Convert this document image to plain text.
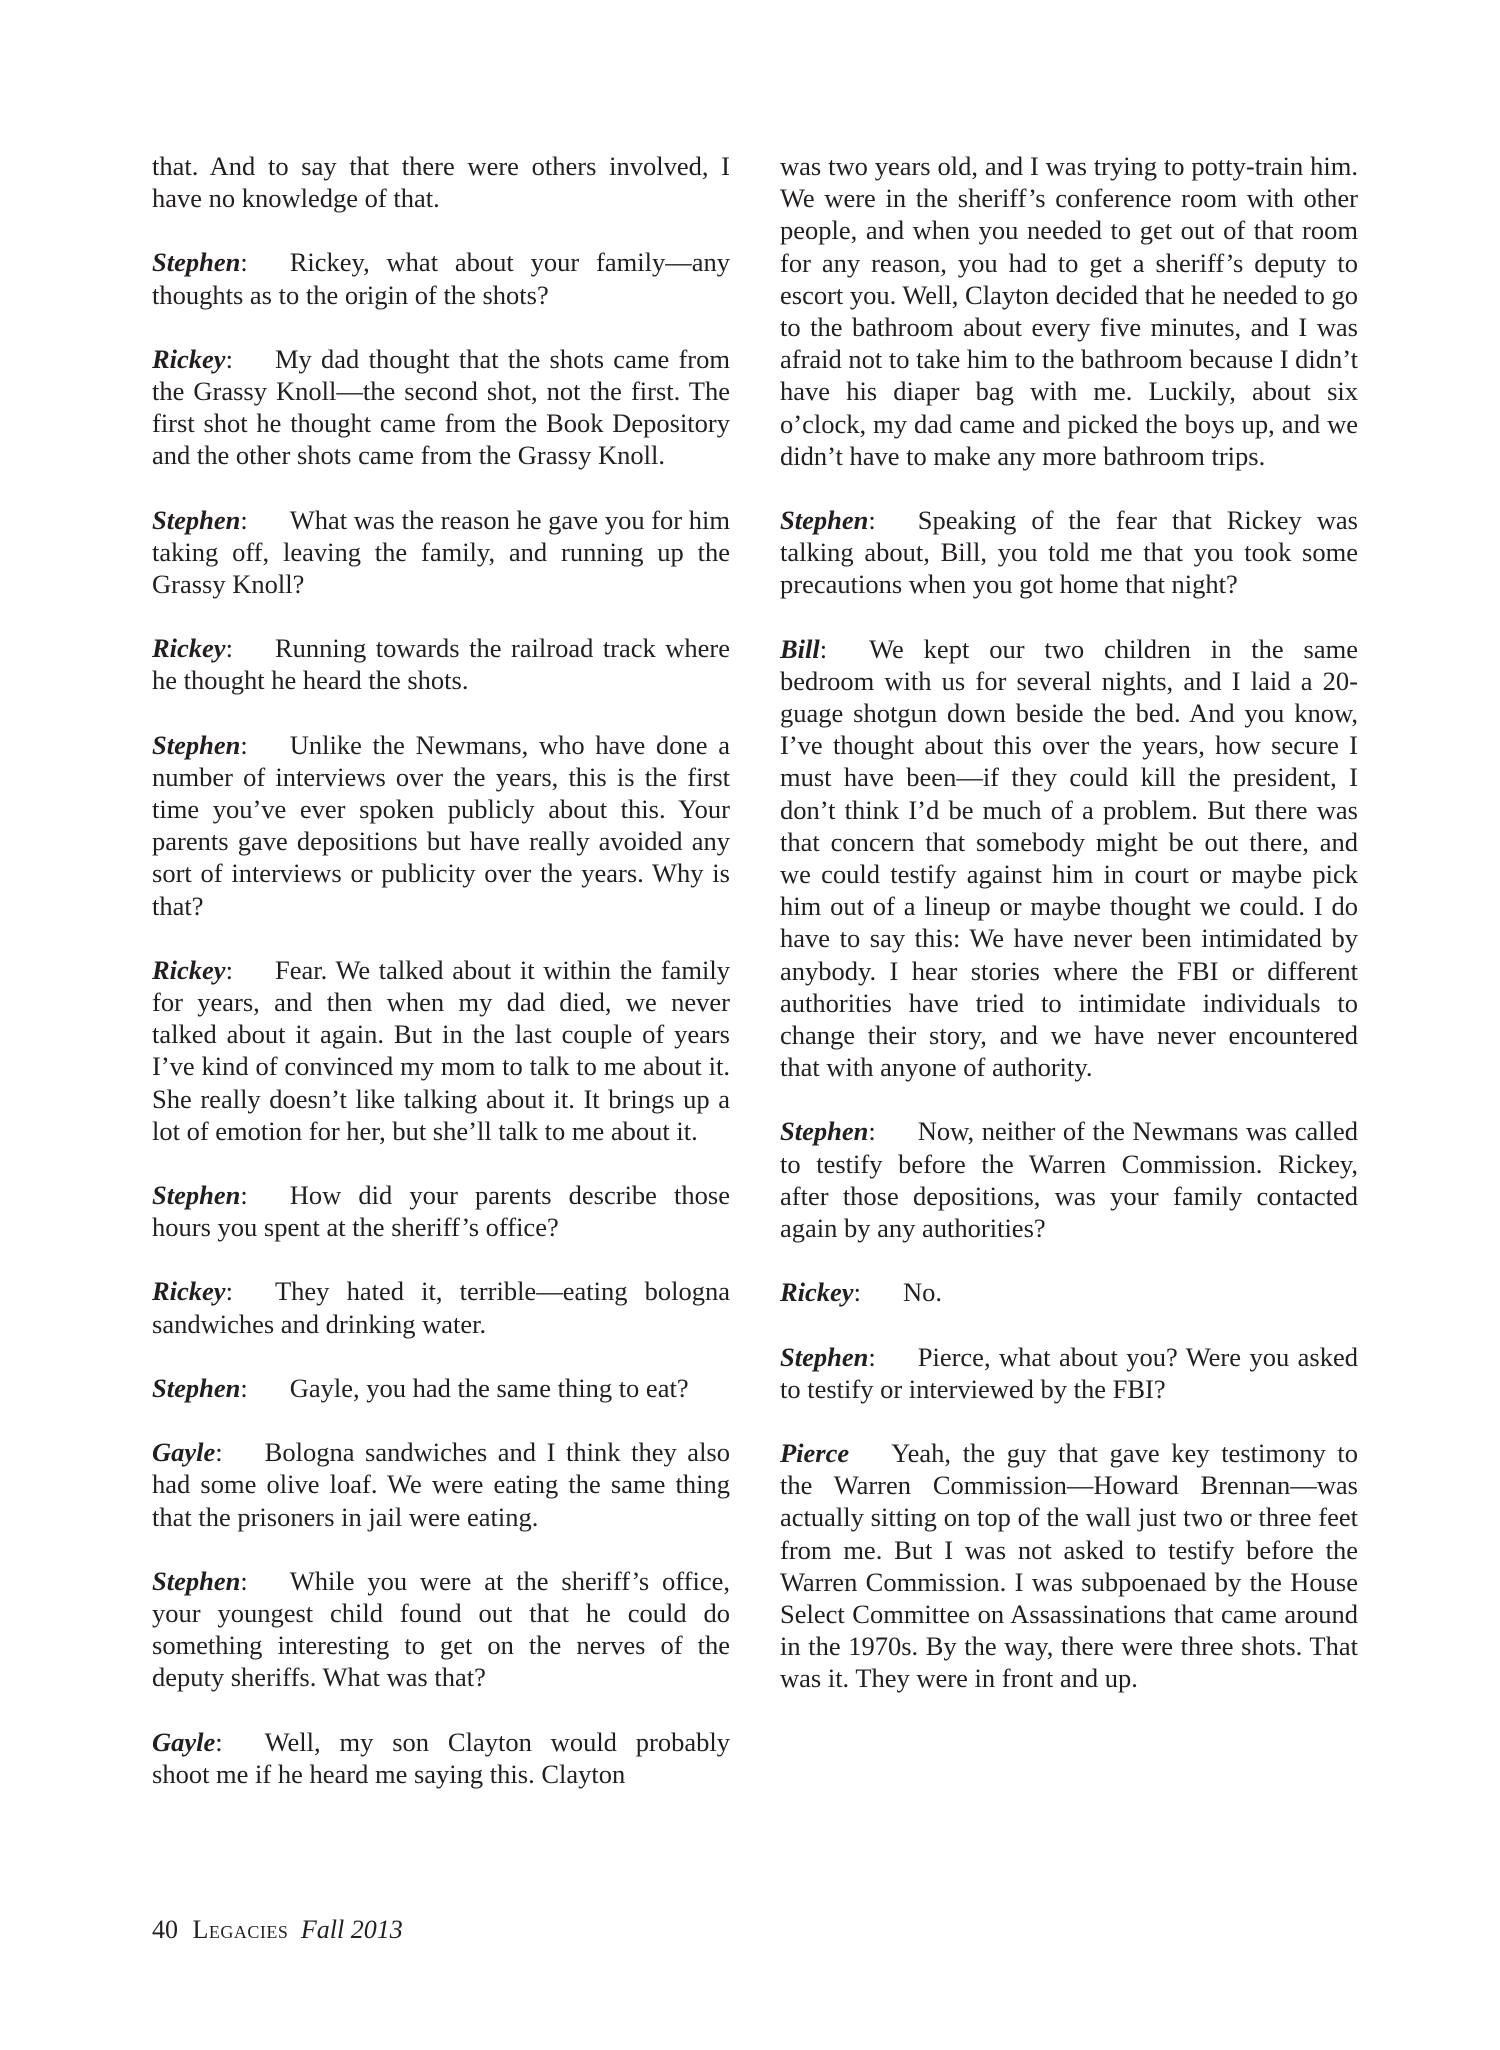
that. And to say that there were others involved, I have no knowledge of that.

Stephen: Rickey, what about your family—any thoughts as to the origin of the shots?

Rickey: My dad thought that the shots came from the Grassy Knoll—the second shot, not the first. The first shot he thought came from the Book Depository and the other shots came from the Grassy Knoll.

Stephen: What was the reason he gave you for him taking off, leaving the family, and running up the Grassy Knoll?

Rickey: Running towards the railroad track where he thought he heard the shots.

Stephen: Unlike the Newmans, who have done a number of interviews over the years, this is the first time you’ve ever spoken publicly about this. Your parents gave depositions but have really avoided any sort of interviews or publicity over the years. Why is that?

Rickey: Fear. We talked about it within the family for years, and then when my dad died, we never talked about it again. But in the last couple of years I’ve kind of convinced my mom to talk to me about it. She really doesn’t like talking about it. It brings up a lot of emotion for her, but she’ll talk to me about it.

Stephen: How did your parents describe those hours you spent at the sheriff’s office?

Rickey: They hated it, terrible—eating bologna sandwiches and drinking water.

Stephen: Gayle, you had the same thing to eat?

Gayle: Bologna sandwiches and I think they also had some olive loaf. We were eating the same thing that the prisoners in jail were eating.

Stephen: While you were at the sheriff’s office, your youngest child found out that he could do something interesting to get on the nerves of the deputy sheriffs. What was that?

Gayle: Well, my son Clayton would probably shoot me if he heard me saying this. Clayton

was two years old, and I was trying to potty-train him. We were in the sheriff’s conference room with other people, and when you needed to get out of that room for any reason, you had to get a sheriff’s deputy to escort you. Well, Clayton decided that he needed to go to the bathroom about every five minutes, and I was afraid not to take him to the bathroom because I didn’t have his diaper bag with me. Luckily, about six o’clock, my dad came and picked the boys up, and we didn’t have to make any more bathroom trips.

Stephen: Speaking of the fear that Rickey was talking about, Bill, you told me that you took some precautions when you got home that night?

Bill: We kept our two children in the same bedroom with us for several nights, and I laid a 20-guage shotgun down beside the bed. And you know, I’ve thought about this over the years, how secure I must have been—if they could kill the president, I don’t think I’d be much of a problem. But there was that concern that somebody might be out there, and we could testify against him in court or maybe pick him out of a lineup or maybe thought we could. I do have to say this: We have never been intimidated by anybody. I hear stories where the FBI or different authorities have tried to intimidate individuals to change their story, and we have never encountered that with anyone of authority.

Stephen: Now, neither of the Newmans was called to testify before the Warren Commission. Rickey, after those depositions, was your family contacted again by any authorities?

Rickey: No.

Stephen: Pierce, what about you? Were you asked to testify or interviewed by the FBI?

Pierce Yeah, the guy that gave key testimony to the Warren Commission—Howard Brennan—was actually sitting on top of the wall just two or three feet from me. But I was not asked to testify before the Warren Commission. I was subpoenaed by the House Select Committee on Assassinations that came around in the 1970s. By the way, there were three shots. That was it. They were in front and up.

40 Legacies Fall 2013
